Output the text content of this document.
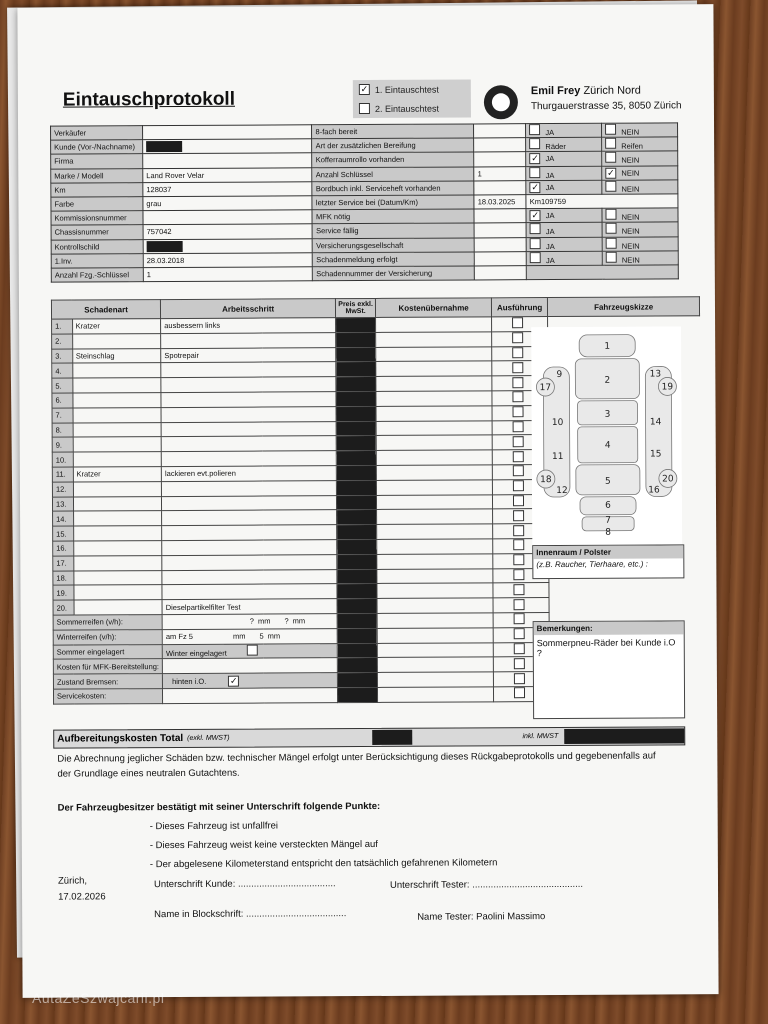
Eintauschprotokoll	✓ 1. Eintauschtest
2. Eintauschtest
Emil Frey Zürich Nord
Thurgauerstrasse 35, 8050 Zürich
Verkäufer		8-fach bereit		JA	NEIN
Kunde (Vor-/Nachname)		Art der zusätzlichen Bereifung		Räder	Reifen
Firma		Kofferraumrollo vorhanden		✓ JA	NEIN
Marke / Modell	Land Rover Velar	Anzahl Schlüssel	1	JA	✓ NEIN
Km	128037	Bordbuch inkl. Serviceheft vorhanden		✓ JA	NEIN
Farbe	grau	letzter Service bei (Datum/Km)	18.03.2025	Km109759	
Kommissionsnummer		MFK nötig		✓ JA	NEIN
Chassisnummer	757042	Service fällig		JA	NEIN
Kontrollschild		Versicherungsgesellschaft		JA	NEIN
1.Inv.	28.03.2018	Schadenmeldung erfolgt		JA	NEIN
Anzahl Fzg.-Schlüssel	1	Schadennummer der Versicherung			
Schadenart		Arbeitsschritt	Preis exkl. MwSt.	Kostenübernahme	Ausführung	Fahrzeugskizze
1.	Kratzer	ausbessern links				
2.						
3.	Steinschlag	Spotrepair				
4.						
5.						
6.						
7.						
8.						
9.						
10.						
11.	Kratzer	lackieren evt.polieren				
12.						
13.						
14.						
15.						
16.						
17.						
18.						
19.						
20.		Dieselpartikelfilter Test				
Sommerreifen (v/h):		? mm ? mm				
Winterreifen (v/h):		am Fz 5 mm 5 mm				
Sommer eingelagert		Winter eingelagert				
Kosten für MFK-Bereitstellung:						
Zustand Bremsen:		hinten i.O. ✓				
Servicekosten:						
1
2
3
4
5
6
7
8
9
10
11
12
13
14
15
16
17
18
19
20
Innenraum / Polster
(z.B. Raucher, Tierhaare, etc.) :
Bemerkungen:
Sommerpneu-Räder bei Kunde i.O ?
Aufbereitungskosten Total (exkl. MWST)	inkl. MWST
Die Abrechnung jeglicher Schäden bzw. technischer Mängel erfolgt unter Berücksichtigung dieses Rückgabeprotokolls und gegebenenfalls auf der Grundlage eines neutralen Gutachtens.
Der Fahrzeugbesitzer bestätigt mit seiner Unterschrift folgende Punkte:
- Dieses Fahrzeug ist unfallfrei
- Dieses Fahrzeug weist keine versteckten Mängel auf
- Der abgelesene Kilometerstand entspricht den tatsächlich gefahrenen Kilometern
Zürich,
17.02.2026
Unterschrift Kunde: .....................................	Unterschrift Tester: ..........................................
Name in Blockschrift: ......................................	Name Tester: Paolini Massimo
AutaZeSzwajcarii.pl
